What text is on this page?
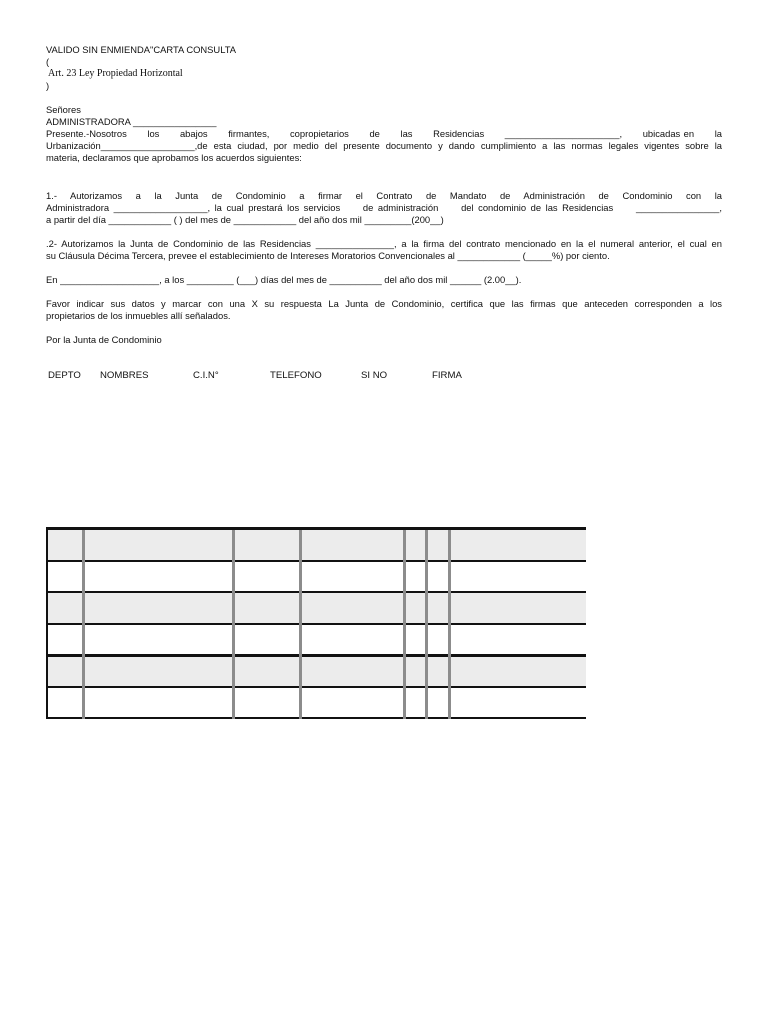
VALIDO SIN ENMIENDA"CARTA CONSULTA
(
Art. 23 Ley Propiedad Horizontal
)
Señores
ADMINISTRADORA ________________
Presente.-Nosotros      los      abajos      firmantes,      copropietarios      de      las      Residencias      ______________________,      ubicadas en      la
Urbanización__________________,de esta ciudad, por medio del presente documento y dando cumplimiento a las normas legales vigentes sobre la
materia, declaramos que aprobamos los acuerdos siguientes:
1.-  Autorizamos  a  la  Junta  de  Condominio  a  firmar  el  Contrato  de  Mandato  de  Administración  de  Condominio  con  la
Administradora __________________, la cual prestará los servicios     de administración     del condominio de las Residencias     ________________,
a partir del día ____________ ( ) del mes de ____________ del año dos mil _________(200__)
.2- Autorizamos la Junta de Condominio de las Residencias _______________, a la firma del contrato mencionado en la el numeral anterior, el cual en
su Cláusula Décima Tercera, prevee el establecimiento de Intereses Moratorios Convencionales al ____________ (_____%) por ciento.
En ___________________, a los _________ (___) días del mes de __________ del año dos mil ______ (2.00__).
Favor indicar sus datos y marcar con una X su respuesta La Junta de Condominio, certifica que las firmas que anteceden corresponden a los
propietarios de los inmuebles allí señalados.
Por la Junta de Condominio
DEPTO NOMBRES	C.I.N°	TELEFONO	SI NO	FIRMA
